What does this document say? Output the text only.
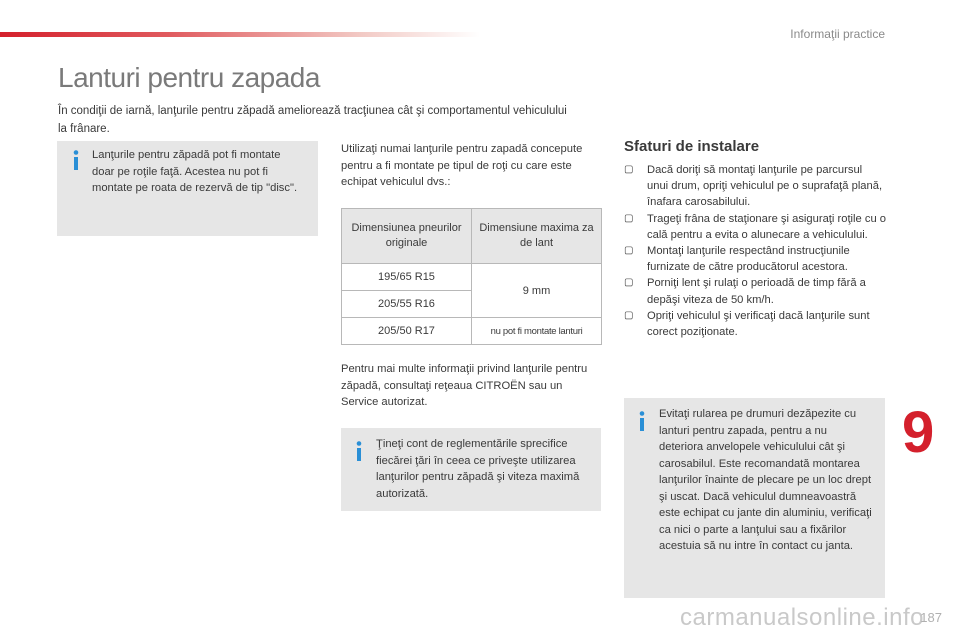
Informaţii practice
Lanturi pentru zapada

În condiţii de iarnă, lanţurile pentru zăpadă ameliorează tracţiunea cât şi comportamentul vehiculului la frânare.

Lanţurile pentru zăpadă pot fi montate doar pe roţile faţă. Acestea nu pot fi montate pe roata de rezervă de tip "disc".

Utilizaţi numai lanţurile pentru zapadă concepute pentru a fi montate pe tipul de roţi cu care este echipat vehiculul dvs.:

Dimensiunea pneurilor originale	Dimensiune maxima za de lant
195/65 R15	9 mm
205/55 R16	
205/50 R17	nu pot fi montate lanturi

Pentru mai multe informaţii privind lanţurile pentru zăpadă, consultaţi reţeaua CITROËN sau un Service autorizat.

Ţineţi cont de reglementările sprecifice fiecărei ţări în ceea ce priveşte utilizarea lanţurilor pentru zăpadă şi viteza maximă autorizată.

Sfaturi de instalare
▢ Dacă doriţi să montaţi lanţurile pe parcursul unui drum, opriţi vehiculul pe o suprafaţă plană, înafara carosabilului.
▢ Trageţi frâna de staţionare şi asiguraţi roţile cu o cală pentru a evita o alunecare a vehiculului.
▢ Montaţi lanţurile respectând instrucţiunile furnizate de către producătorul acestora.
▢ Porniţi lent şi rulaţi o perioadă de timp fără a depăşi viteza de 50 km/h.
▢ Opriţi vehiculul şi verificaţi dacă lanţurile sunt corect poziţionate.

Evitaţi rularea pe drumuri dezăpezite cu lanturi pentru zapada, pentru a nu deteriora anvelopele vehiculului cât şi carosabilul. Este recomandată montarea lanţurilor înainte de plecare pe un loc drept şi uscat. Dacă vehiculul dumneavoastră este echipat cu jante din aluminiu, verificaţi ca nici o parte a lanţului sau a fixărilor acestuia să nu intre în contact cu janta.

9
carmanualsonline.info
187
